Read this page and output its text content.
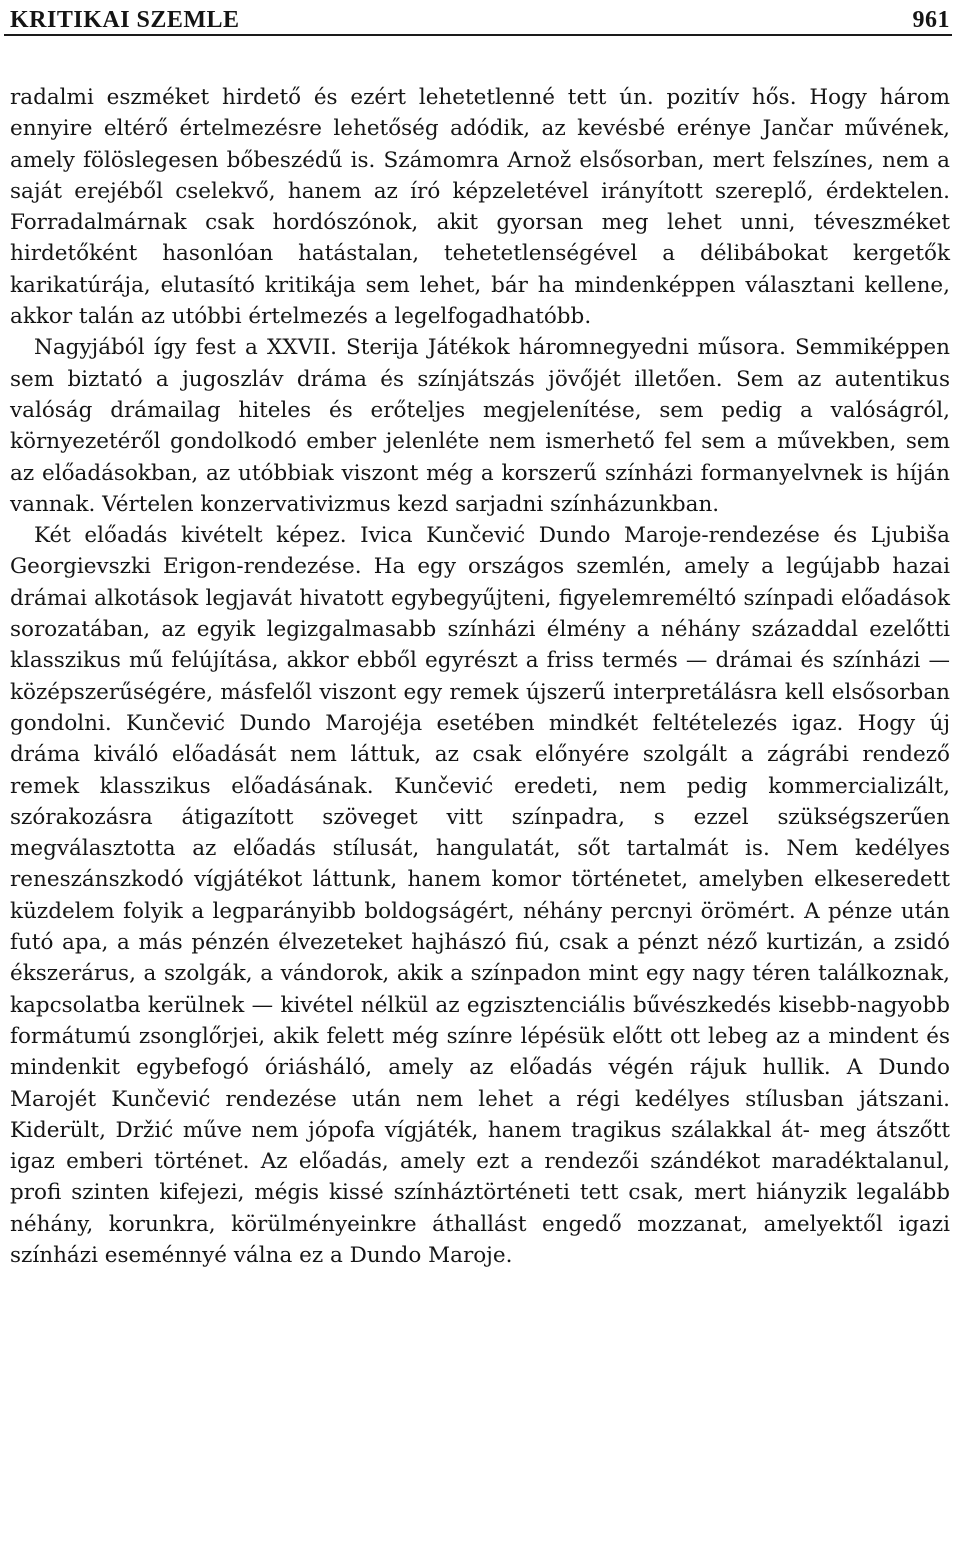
KRITIKAI SZEMLE	961

radalmi eszméket hirdető és ezért lehetetlenné tett ún. pozitív hős. Hogy három ennyire eltérő értelmezésre lehetőség adódik, az kevésbé erénye Jančar művének, amely fölöslegesen bőbeszédű is. Számomra Arnož elsősorban, mert felszínes, nem a saját erejéből cselekvő, hanem az író képzeletével irányított szereplő, érdektelen. Forradalmárnak csak hordószónok, akit gyorsan meg lehet unni, téveszméket hirdetőként hasonlóan hatástalan, tehetetlenségével a délibábokat kergetők karikatúrája, elutasító kritikája sem lehet, bár ha mindenképpen választani kellene, akkor talán az utóbbi értelmezés a legelfogadhatóbb.

Nagyjából így fest a XXVII. Sterija Játékok háromnegyedni műsora. Semmiképpen sem biztató a jugoszláv dráma és színjátszás jövőjét illetően. Sem az autentikus valóság drámailag hiteles és erőteljes megjelenítése, sem pedig a valóságról, környezetéről gondolkodó ember jelenléte nem ismerhető fel sem a művekben, sem az előadásokban, az utóbbiak viszont még a korszerű színházi formanyelvnek is híján vannak. Vértelen konzervativizmus kezd sarjadni színházunkban.

Két előadás kivételt képez. Ivica Kunčević Dundo Maroje-rendezése és Ljubiša Georgievszki Erigon-rendezése. Ha egy országos szemlén, amely a legújabb hazai drámai alkotások legjavát hivatott egybegyűjteni, figyelemreméltó színpadi előadások sorozatában, az egyik legizgalmasabb színházi élmény a néhány századdal ezelőtti klasszikus mű felújítása, akkor ebből egyrészt a friss termés — drámai és színházi — középszerűségére, másfelől viszont egy remek újszerű interpretálásra kell elsősorban gondolni. Kunčević Dundo Marojéja esetében mindkét feltételezés igaz. Hogy új dráma kiváló előadását nem láttuk, az csak előnyére szolgált a zágrábi rendező remek klasszikus előadásának. Kunčević eredeti, nem pedig kommercializált, szórakozásra átigazított szöveget vitt színpadra, s ezzel szükségszerűen megválasztotta az előadás stílusát, hangulatát, sőt tartalmát is. Nem kedélyes reneszánszkodó vígjátékot láttunk, hanem komor történetet, amelyben elkeseredett küzdelem folyik a legparányibb boldogságért, néhány percnyi örömért. A pénze után futó apa, a más pénzén élvezeteket hajhászó fiú, csak a pénzt néző kurtizán, a zsidó ékszerárus, a szolgák, a vándorok, akik a színpadon mint egy nagy téren találkoznak, kapcsolatba kerülnek — kivétel nélkül az egzisztenciális bűvészkedés kisebb-nagyobb formátumú zsonglőrjei, akik felett még színre lépésük előtt ott lebeg az a mindent és mindenkit egybefogó óriásháló, amely az előadás végén rájuk hullik. A Dundo Marojét Kunčević rendezése után nem lehet a régi kedélyes stílusban játszani. Kiderült, Držić műve nem jópofa vígjáték, hanem tragikus szálakkal át- meg átszőtt igaz emberi történet. Az előadás, amely ezt a rendezői szándékot maradéktalanul, profi szinten kifejezi, mégis kissé színháztörténeti tett csak, mert hiányzik legalább néhány, korunkra, körülményeinkre áthallást engedő mozzanat, amelyektől igazi színházi eseménnyé válna ez a Dundo Maroje.
